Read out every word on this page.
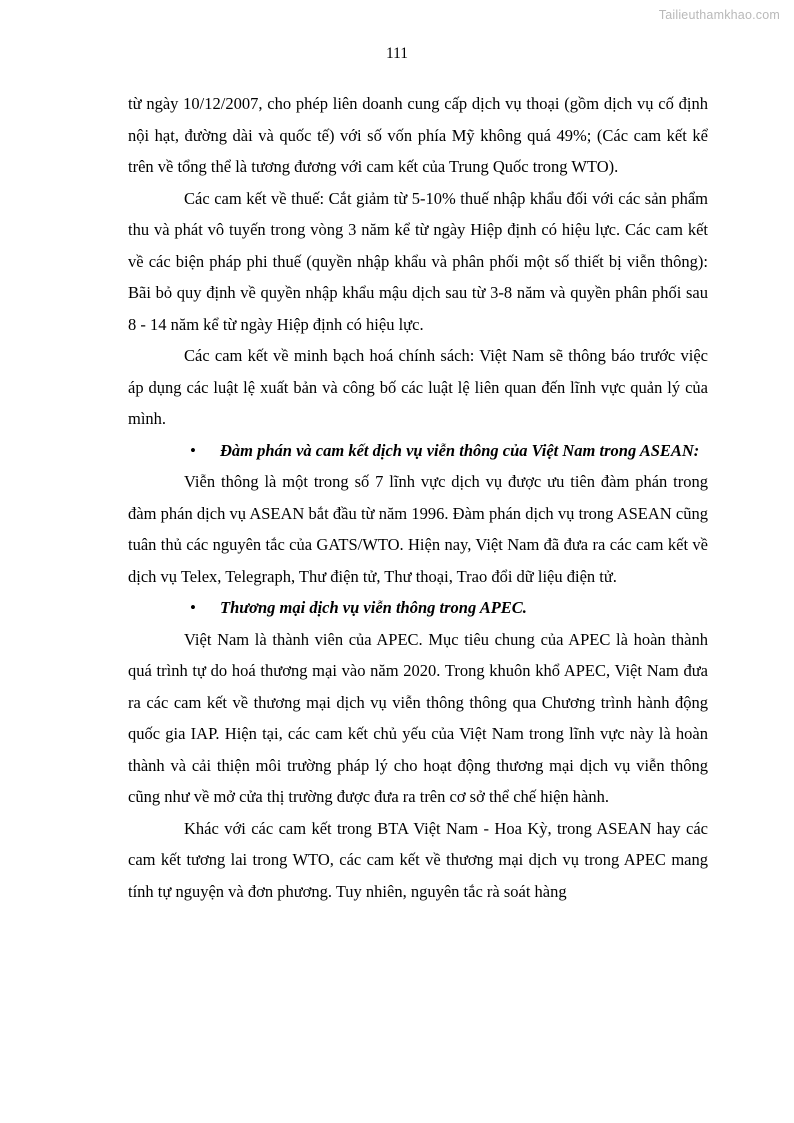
Tailieuthamkhao.com
111

từ ngày 10/12/2007, cho phép liên doanh cung cấp dịch vụ thoại (gồm dịch vụ cố định nội hạt, đường dài và quốc tế) với số vốn phía Mỹ không quá 49%; (Các cam kết kể trên về tổng thể là tương đương với cam kết của Trung Quốc trong WTO).

Các cam kết về thuế: Cắt giảm từ 5-10% thuế nhập khẩu đối với các sản phẩm thu và phát vô tuyến trong vòng 3 năm kể từ ngày Hiệp định có hiệu lực. Các cam kết về các biện pháp phi thuế (quyền nhập khẩu và phân phối một số thiết bị viễn thông): Bãi bỏ quy định về quyền nhập khẩu mậu dịch sau từ 3-8 năm và quyền phân phối sau 8 - 14 năm kể từ ngày Hiệp định có hiệu lực.

Các cam kết về minh bạch hoá chính sách: Việt Nam sẽ thông báo trước việc áp dụng các luật lệ xuất bản và công bố các luật lệ liên quan đến lĩnh vực quản lý của mình.

• Đàm phán và cam kết dịch vụ viễn thông của Việt Nam trong ASEAN:

Viễn thông là một trong số 7 lĩnh vực dịch vụ được ưu tiên đàm phán trong đàm phán dịch vụ ASEAN bắt đầu từ năm 1996. Đàm phán dịch vụ trong ASEAN cũng tuân thủ các nguyên tắc của GATS/WTO. Hiện nay, Việt Nam đã đưa ra các cam kết về dịch vụ Telex, Telegraph, Thư điện tử, Thư thoại, Trao đổi dữ liệu điện tử.

• Thương mại dịch vụ viễn thông trong APEC.

Việt Nam là thành viên của APEC. Mục tiêu chung của APEC là hoàn thành quá trình tự do hoá thương mại vào năm 2020. Trong khuôn khổ APEC, Việt Nam đưa ra các cam kết về thương mại dịch vụ viễn thông thông qua Chương trình hành động quốc gia IAP. Hiện tại, các cam kết chủ yếu của Việt Nam trong lĩnh vực này là hoàn thành và cải thiện môi trường pháp lý cho hoạt động thương mại dịch vụ viễn thông cũng như về mở cửa thị trường được đưa ra trên cơ sở thể chế hiện hành.

Khác với các cam kết trong BTA Việt Nam - Hoa Kỳ, trong ASEAN hay các cam kết tương lai trong WTO, các cam kết về thương mại dịch vụ trong APEC mang tính tự nguyện và đơn phương. Tuy nhiên, nguyên tắc rà soát hàng
